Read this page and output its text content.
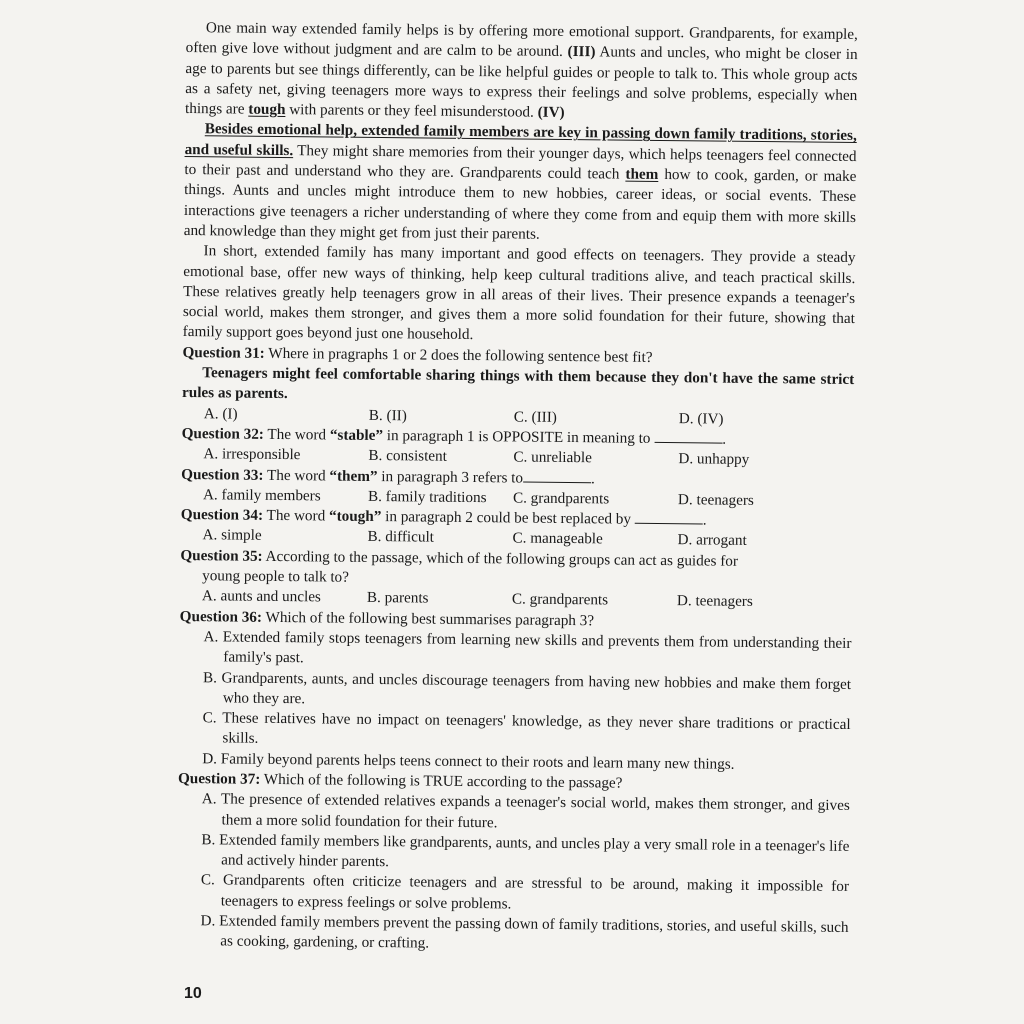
One main way extended family helps is by offering more emotional support. Grandparents, for example, often give love without judgment and are calm to be around. (III) Aunts and uncles, who might be closer in age to parents but see things differently, can be like helpful guides or people to talk to. This whole group acts as a safety net, giving teenagers more ways to express their feelings and solve problems, especially when things are tough with parents or they feel misunderstood. (IV)

Besides emotional help, extended family members are key in passing down family traditions, stories, and useful skills. They might share memories from their younger days, which helps teenagers feel connected to their past and understand who they are. Grandparents could teach them how to cook, garden, or make things. Aunts and uncles might introduce them to new hobbies, career ideas, or social events. These interactions give teenagers a richer understanding of where they come from and equip them with more skills and knowledge than they might get from just their parents.

In short, extended family has many important and good effects on teenagers. They provide a steady emotional base, offer new ways of thinking, help keep cultural traditions alive, and teach practical skills. These relatives greatly help teenagers grow in all areas of their lives. Their presence expands a teenager's social world, makes them stronger, and gives them a more solid foundation for their future, showing that family support goes beyond just one household.

Question 31: Where in pragraphs 1 or 2 does the following sentence best fit?

Teenagers might feel comfortable sharing things with them because they don't have the same strict rules as parents.

A. (I)	B. (II)	C. (III)	D. (IV)

Question 32: The word “stable” in paragraph 1 is OPPOSITE in meaning to	.

A. irresponsible	B. consistent	C. unreliable	D. unhappy

Question 33: The word “them” in paragraph 3 refers to	.

A. family members	B. family traditions	C. grandparents	D. teenagers

Question 34: The word “tough” in paragraph 2 could be best replaced by	.

A. simple	B. difficult	C. manageable	D. arrogant

Question 35: According to the passage, which of the following groups can act as guides for

young people to talk to?

A. aunts and uncles	B. parents	C. grandparents	D. teenagers

Question 36: Which of the following best summarises paragraph 3?

A. Extended family stops teenagers from learning new skills and prevents them from understanding their family's past.

B. Grandparents, aunts, and uncles discourage teenagers from having new hobbies and make them forget who they are.

C. These relatives have no impact on teenagers' knowledge, as they never share traditions or practical skills.

D. Family beyond parents helps teens connect to their roots and learn many new things.

Question 37: Which of the following is TRUE according to the passage?

A. The presence of extended relatives expands a teenager's social world, makes them stronger, and gives them a more solid foundation for their future.

B. Extended family members like grandparents, aunts, and uncles play a very small role in a teenager's life and actively hinder parents.

C. Grandparents often criticize teenagers and are stressful to be around, making it impossible for teenagers to express feelings or solve problems.

D. Extended family members prevent the passing down of family traditions, stories, and useful skills, such as cooking, gardening, or crafting.

10
